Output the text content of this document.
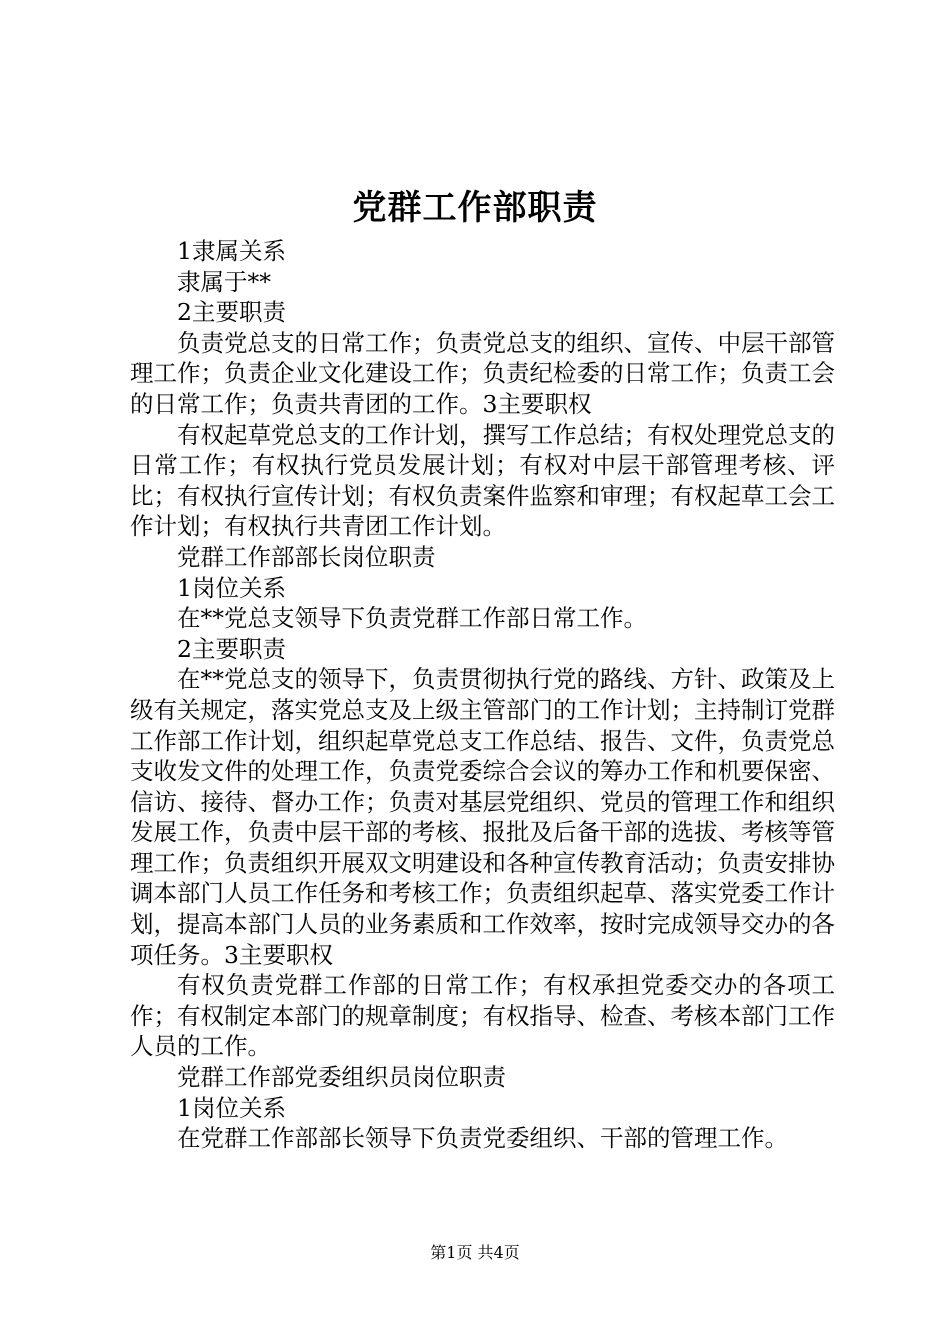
党群工作部职责

1隶属关系

隶属于**

2主要职责

负责党总支的日常工作；负责党总支的组织、宣传、中层干部管理工作；负责企业文化建设工作；负责纪检委的日常工作；负责工会的日常工作；负责共青团的工作。3主要职权

有权起草党总支的工作计划，撰写工作总结；有权处理党总支的日常工作；有权执行党员发展计划；有权对中层干部管理考核、评比；有权执行宣传计划；有权负责案件监察和审理；有权起草工会工作计划；有权执行共青团工作计划。

党群工作部部长岗位职责

1岗位关系

在**党总支领导下负责党群工作部日常工作。

2主要职责

在**党总支的领导下，负责贯彻执行党的路线、方针、政策及上级有关规定，落实党总支及上级主管部门的工作计划；主持制订党群工作部工作计划，组织起草党总支工作总结、报告、文件，负责党总支收发文件的处理工作，负责党委综合会议的筹办工作和机要保密、信访、接待、督办工作；负责对基层党组织、党员的管理工作和组织发展工作，负责中层干部的考核、报批及后备干部的选拔、考核等管理工作；负责组织开展双文明建设和各种宣传教育活动；负责安排协调本部门人员工作任务和考核工作；负责组织起草、落实党委工作计划，提高本部门人员的业务素质和工作效率，按时完成领导交办的各项任务。3主要职权

有权负责党群工作部的日常工作；有权承担党委交办的各项工作；有权制定本部门的规章制度；有权指导、检查、考核本部门工作人员的工作。

党群工作部党委组织员岗位职责

1岗位关系

在党群工作部部长领导下负责党委组织、干部的管理工作。

第1页 共4页
